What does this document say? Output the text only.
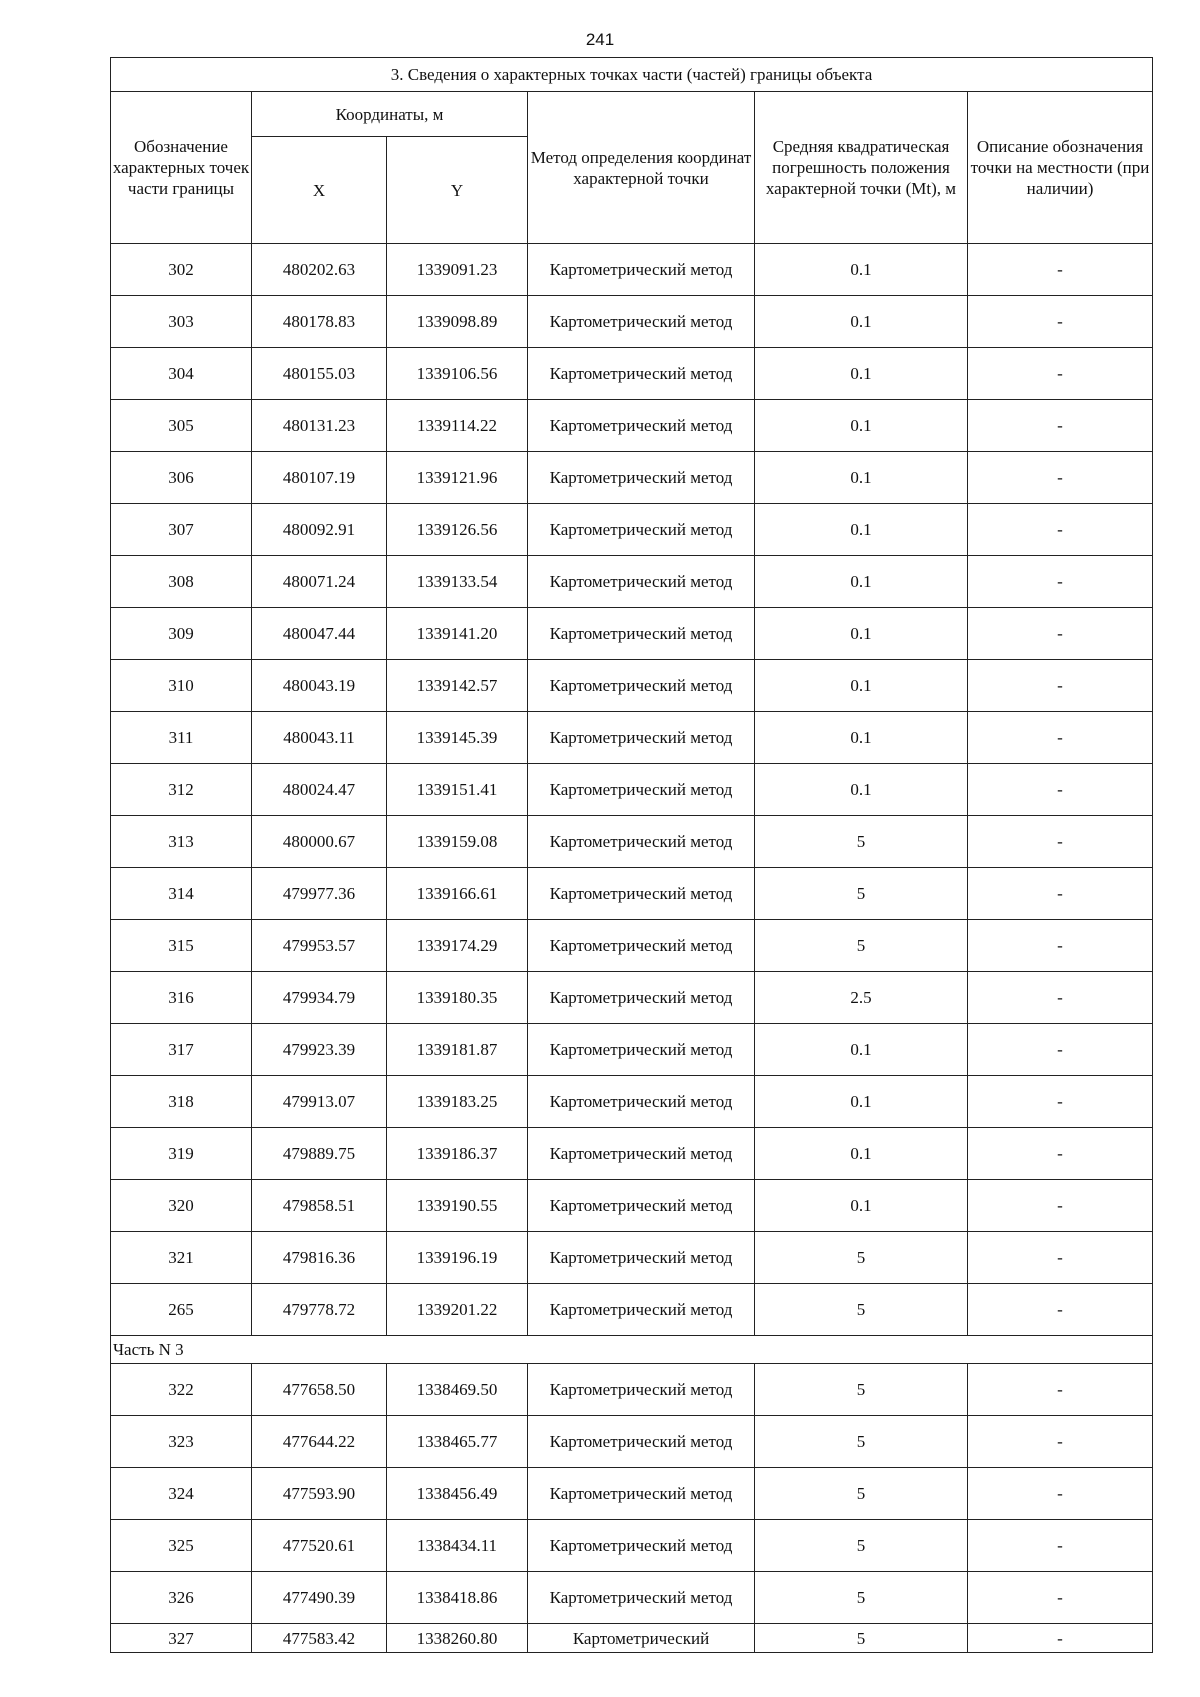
241
3. Сведения о характерных точках части (частей) границы объекта					
Обозначение характерных точек части границы	Координаты, м		Метод определения координат характерной точки	Средняя квадратическая погрешность положения характерной точки (Mt), м	Описание обозначения точки на местности (при наличии)
	X	Y			
302	480202.63	1339091.23	Картометрический метод	0.1	-
303	480178.83	1339098.89	Картометрический метод	0.1	-
304	480155.03	1339106.56	Картометрический метод	0.1	-
305	480131.23	1339114.22	Картометрический метод	0.1	-
306	480107.19	1339121.96	Картометрический метод	0.1	-
307	480092.91	1339126.56	Картометрический метод	0.1	-
308	480071.24	1339133.54	Картометрический метод	0.1	-
309	480047.44	1339141.20	Картометрический метод	0.1	-
310	480043.19	1339142.57	Картометрический метод	0.1	-
311	480043.11	1339145.39	Картометрический метод	0.1	-
312	480024.47	1339151.41	Картометрический метод	0.1	-
313	480000.67	1339159.08	Картометрический метод	5	-
314	479977.36	1339166.61	Картометрический метод	5	-
315	479953.57	1339174.29	Картометрический метод	5	-
316	479934.79	1339180.35	Картометрический метод	2.5	-
317	479923.39	1339181.87	Картометрический метод	0.1	-
318	479913.07	1339183.25	Картометрический метод	0.1	-
319	479889.75	1339186.37	Картометрический метод	0.1	-
320	479858.51	1339190.55	Картометрический метод	0.1	-
321	479816.36	1339196.19	Картометрический метод	5	-
265	479778.72	1339201.22	Картометрический метод	5	-
Часть N 3					
322	477658.50	1338469.50	Картометрический метод	5	-
323	477644.22	1338465.77	Картометрический метод	5	-
324	477593.90	1338456.49	Картометрический метод	5	-
325	477520.61	1338434.11	Картометрический метод	5	-
326	477490.39	1338418.86	Картометрический метод	5	-
327	477583.42	1338260.80	Картометрический	5	-
